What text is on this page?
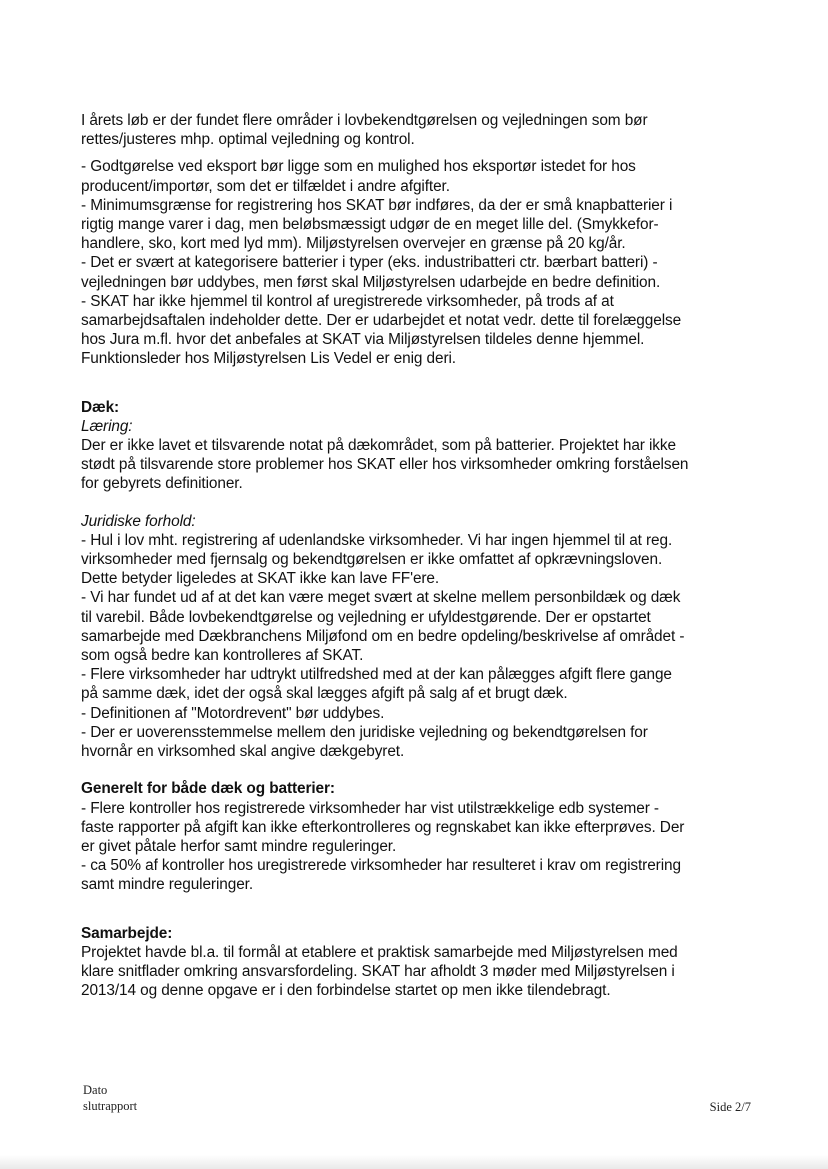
I årets løb er der fundet flere områder i lovbekendtgørelsen og vejledningen som bør
rettes/justeres mhp. optimal vejledning og kontrol.
- Godtgørelse ved eksport bør ligge som en mulighed hos eksportør istedet for hos
producent/importør, som det er tilfældet i andre afgifter.
- Minimumsgrænse for registrering hos SKAT bør indføres, da der er små knapbatterier i
rigtig mange varer i dag, men beløbsmæssigt udgør de en meget lille del. (Smykkefor-
handlere, sko, kort med lyd mm). Miljøstyrelsen overvejer en grænse på 20 kg/år.
- Det er svært at kategorisere batterier i typer (eks. industribatteri ctr. bærbart batteri) -
vejledningen bør uddybes, men først skal Miljøstyrelsen udarbejde en bedre definition.
- SKAT har ikke hjemmel til kontrol af uregistrerede virksomheder, på trods af at
samarbejdsaftalen indeholder dette. Der er udarbejdet et notat vedr. dette til forelæggelse
hos Jura m.fl. hvor det anbefales at SKAT via Miljøstyrelsen tildeles denne hjemmel.
Funktionsleder hos Miljøstyrelsen Lis Vedel er enig deri.
Dæk:
Læring:
Der er ikke lavet et tilsvarende notat på dækområdet, som på batterier. Projektet har ikke
stødt på tilsvarende store problemer hos SKAT eller hos virksomheder omkring forståelsen
for gebyrets definitioner.
Juridiske forhold:
- Hul i lov mht. registrering af udenlandske virksomheder. Vi har ingen hjemmel til at reg.
virksomheder med fjernsalg og bekendtgørelsen er ikke omfattet af opkrævningsloven.
Dette betyder ligeledes at SKAT ikke kan lave FF'ere.
- Vi har fundet ud af at det kan være meget svært at skelne mellem personbildæk og dæk
til varebil. Både lovbekendtgørelse og vejledning er ufyldestgørende. Der er opstartet
samarbejde med Dækbranchens Miljøfond om en bedre opdeling/beskrivelse af området -
som også bedre kan kontrolleres af SKAT.
- Flere virksomheder har udtrykt utilfredshed med at der kan pålægges afgift flere gange
på samme dæk, idet der også skal lægges afgift på salg af et brugt dæk.
- Definitionen af "Motordrevent" bør uddybes.
- Der er uoverensstemmelse mellem den juridiske vejledning og bekendtgørelsen for
hvornår en virksomhed skal angive dækgebyret.
Generelt for både dæk og batterier:
- Flere kontroller hos registrerede virksomheder har vist utilstrækkelige edb systemer -
faste rapporter på afgift kan ikke efterkontrolleres og regnskabet kan ikke efterprøves. Der
er givet påtale herfor samt mindre reguleringer.
- ca 50% af kontroller hos uregistrerede virksomheder har resulteret i krav om registrering
samt mindre reguleringer.
Samarbejde:
Projektet havde bl.a. til formål at etablere et praktisk samarbejde med Miljøstyrelsen med
klare snitflader omkring ansvarsfordeling. SKAT har afholdt 3 møder med Miljøstyrelsen i
2013/14 og denne opgave er i den forbindelse startet op men ikke tilendebragt.
Dato
slutrapport	Side 2/7
